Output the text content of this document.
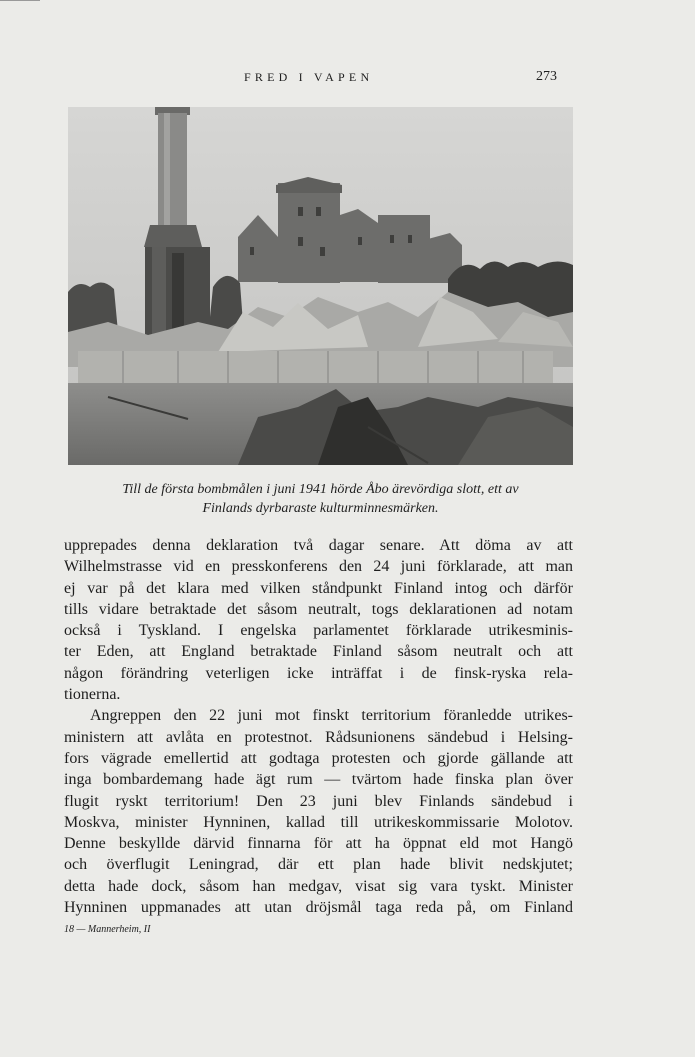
FRED I VAPEN	273
Till de första bombmålen i juni 1941 hörde Åbo ärevördiga slott, ett av
Finlands dyrbaraste kulturminnesmärken.
upprepades denna deklaration två dagar senare. Att döma av att
Wilhelmstrasse vid en presskonferens den 24 juni förklarade, att man
ej var på det klara med vilken ståndpunkt Finland intog och därför
tills vidare betraktade det såsom neutralt, togs deklarationen ad notam
också i Tyskland. I engelska parlamentet förklarade utrikesminis-
ter Eden, att England betraktade Finland såsom neutralt och att
någon förändring veterligen icke inträffat i de finsk-ryska rela-
tionerna.
Angreppen den 22 juni mot finskt territorium föranledde utrikes-
ministern att avlåta en protestnot. Rådsunionens sändebud i Helsing-
fors vägrade emellertid att godtaga protesten och gjorde gällande att
inga bombardemang hade ägt rum — tvärtom hade finska plan över
flugit ryskt territorium! Den 23 juni blev Finlands sändebud i
Moskva, minister Hynninen, kallad till utrikeskommissarie Molotov.
Denne beskyllde därvid finnarna för att ha öppnat eld mot Hangö
och överflugit Leningrad, där ett plan hade blivit nedskjutet;
detta hade dock, såsom han medgav, visat sig vara tyskt. Minister
Hynninen uppmanades att utan dröjsmål taga reda på, om Finland
18 — Mannerheim, II
